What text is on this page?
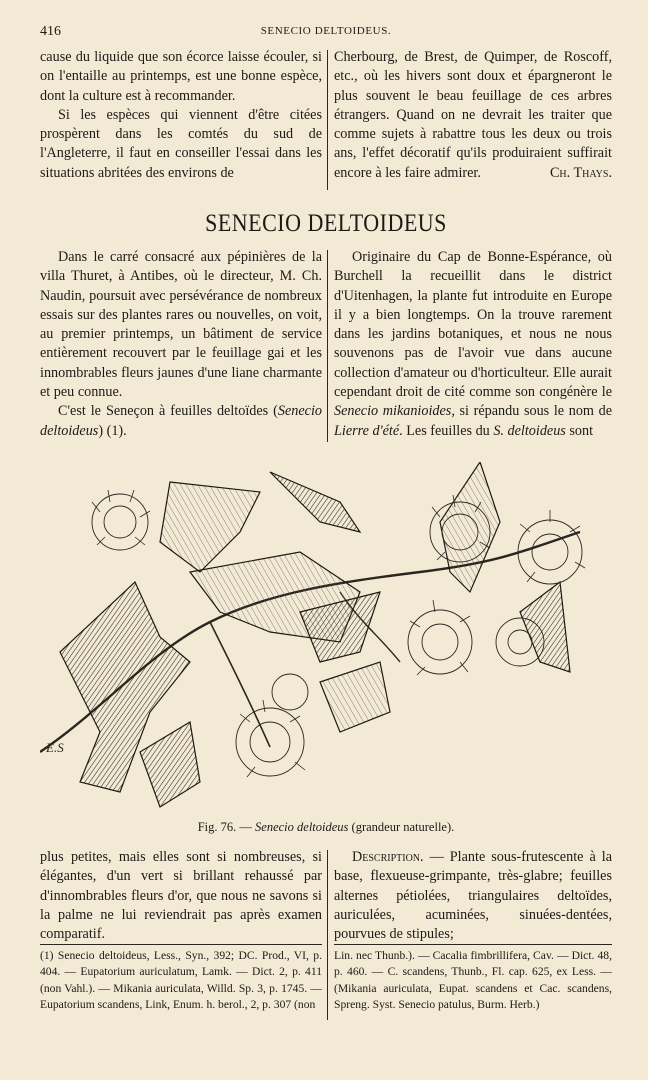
416	SENECIO DELTOIDEUS.

cause du liquide que son écorce laisse écouler, si on l'entaille au printemps, est une bonne espèce, dont la culture est à recommander.

Si les espèces qui viennent d'être citées prospèrent dans les comtés du sud de l'Angleterre, il faut en conseiller l'essai dans les situations abritées des environs de

Cherbourg, de Brest, de Quimper, de Roscoff, etc., où les hivers sont doux et épargneront le plus souvent le beau feuillage de ces arbres étrangers. Quand on ne devrait les traiter que comme sujets à rabattre tous les deux ou trois ans, l'effet décoratif qu'ils produiraient suffirait encore à les faire admirer.	Ch. Thays.

SENECIO DELTOIDEUS

Dans le carré consacré aux pépinières de la villa Thuret, à Antibes, où le directeur, M. Ch. Naudin, poursuit avec persévérance de nombreux essais sur des plantes rares ou nouvelles, on voit, au premier printemps, un bâtiment de service entièrement recouvert par le feuillage gai et les innombrables fleurs jaunes d'une liane charmante et peu connue.

C'est le Seneçon à feuilles deltoïdes (Senecio deltoideus) (1).

Originaire du Cap de Bonne-Espérance, où Burchell la recueillit dans le district d'Uitenhagen, la plante fut introduite en Europe il y a bien longtemps. On la trouve rarement dans les jardins botaniques, et nous ne nous souvenons pas de l'avoir vue dans aucune collection d'amateur ou d'horticulteur. Elle aurait cependant droit de cité comme son congénère le Senecio mikanioides, si répandu sous le nom de Lierre d'été. Les feuilles du S. deltoideus sont

E.S
Fig. 76. — Senecio deltoideus (grandeur naturelle).

plus petites, mais elles sont si nombreuses, si élégantes, d'un vert si brillant rehaussé par d'innombrables fleurs d'or, que nous ne savons si la palme ne lui reviendrait pas après examen comparatif.

Description. — Plante sous-frutescente à la base, flexueuse-grimpante, très-glabre; feuilles alternes pétiolées, triangulaires deltoïdes, auriculées, acuminées, sinuées-dentées, pourvues de stipules;

(1) Senecio deltoideus, Less., Syn., 392; DC. Prod., VI, p. 404. — Eupatorium auriculatum, Lamk. — Dict. 2, p. 411 (non Vahl.). — Mikania auriculata, Willd. Sp. 3, p. 1745. — Eupatorium scandens, Link, Enum. h. berol., 2, p. 307 (non

Lin. nec Thunb.). — Cacalia fimbrillifera, Cav. — Dict. 48, p. 460. — C. scandens, Thunb., Fl. cap. 625, ex Less. — (Mikania auriculata, Eupat. scandens et Cac. scandens, Spreng. Syst. Senecio patulus, Burm. Herb.)
